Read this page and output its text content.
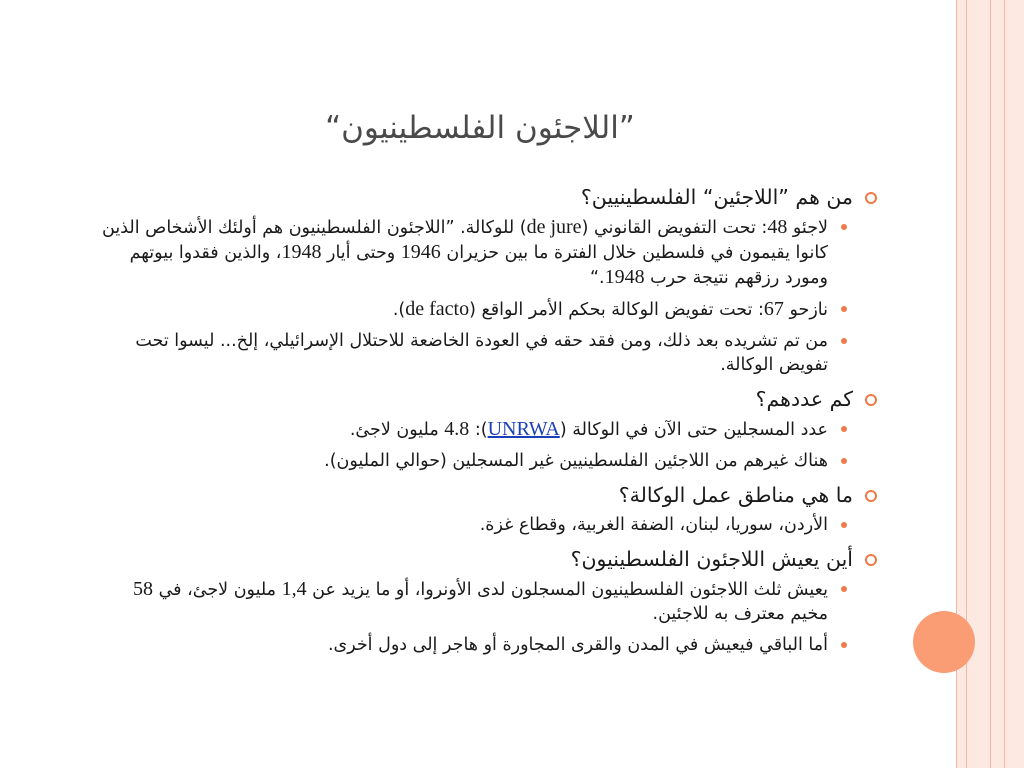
”اللاجئون الفلسطينيون“
من هم ”اللاجئين“ الفلسطينيين؟
لاجئو 48: تحت التفويض القانوني (de jure) للوكالة. ”اللاجئون الفلسطينيون هم أولئك الأشخاص الذين كانوا يقيمون في فلسطين خلال الفترة ما بين حزيران 1946 وحتى أيار 1948، والذين فقدوا بيوتهم ومورد رزقهم نتيجة حرب 1948.“
نازحو 67: تحت تفويض الوكالة بحكم الأمر الواقع (de facto).
من تم تشريده بعد ذلك، ومن فقد حقه في العودة الخاضعة للاحتلال الإسرائيلي، إلخ... ليسوا تحت تفويض الوكالة.
كم عددهم؟
عدد المسجلين حتى الآن في الوكالة (UNRWA): 4.8 مليون لاجئ.
هناك غيرهم من اللاجئين الفلسطينيين غير المسجلين (حوالي المليون).
ما هي مناطق عمل الوكالة؟
الأردن، سوريا، لبنان، الضفة الغربية، وقطاع غزة.
أين يعيش اللاجئون الفلسطينيون؟
يعيش ثلث اللاجئون الفلسطينيون المسجلون لدى الأونروا، أو ما يزيد عن 1,4 مليون لاجئ، في 58 مخيم معترف به للاجئين.
أما الباقي فيعيش في المدن والقرى المجاورة أو هاجر إلى دول أخرى.
